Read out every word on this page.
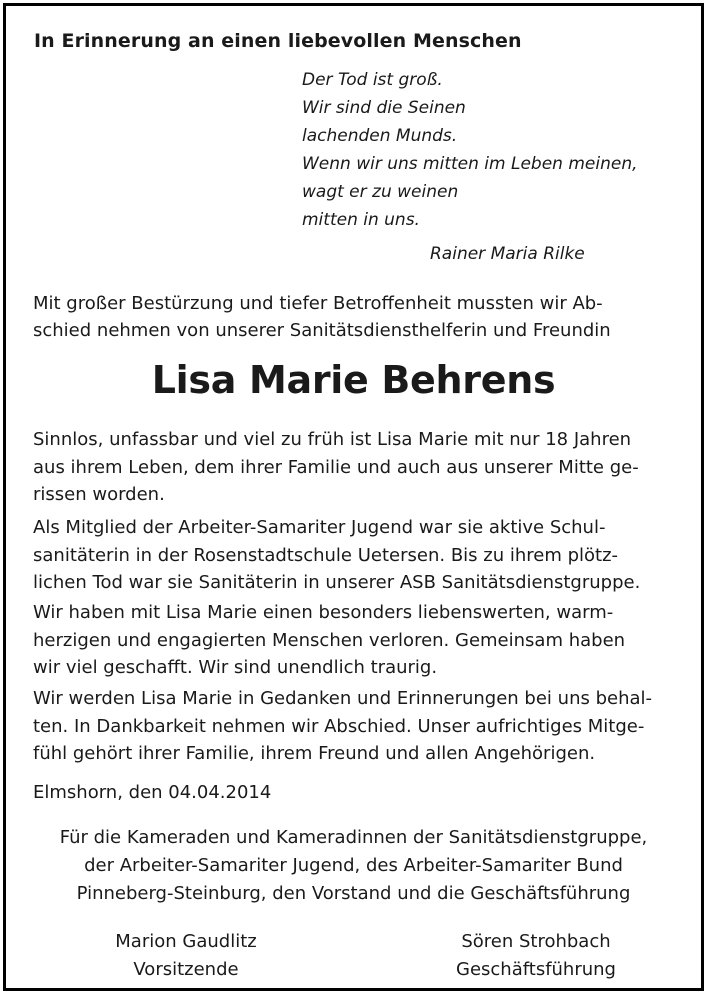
In Erinnerung an einen liebevollen Menschen
Der Tod ist groß.
Wir sind die Seinen
lachenden Munds.
Wenn wir uns mitten im Leben meinen,
wagt er zu weinen
mitten in uns.
Rainer Maria Rilke
Mit großer Bestürzung und tiefer Betroffenheit mussten wir Ab-
schied nehmen von unserer Sanitätsdiensthelferin und Freundin
Lisa Marie Behrens
Sinnlos, unfassbar und viel zu früh ist Lisa Marie mit nur 18 Jahren
aus ihrem Leben, dem ihrer Familie und auch aus unserer Mitte ge-
rissen worden.
Als Mitglied der Arbeiter-Samariter Jugend war sie aktive Schul-
sanitäterin in der Rosenstadtschule Uetersen. Bis zu ihrem plötz-
lichen Tod war sie Sanitäterin in unserer ASB Sanitätsdienstgruppe.
Wir haben mit Lisa Marie einen besonders liebenswerten, warm-
herzigen und engagierten Menschen verloren. Gemeinsam haben
wir viel geschafft. Wir sind unendlich traurig.
Wir werden Lisa Marie in Gedanken und Erinnerungen bei uns behal-
ten. In Dankbarkeit nehmen wir Abschied. Unser aufrichtiges Mitge-
fühl gehört ihrer Familie, ihrem Freund und allen Angehörigen.
Elmshorn, den 04.04.2014
Für die Kameraden und Kameradinnen der Sanitätsdienstgruppe,
der Arbeiter-Samariter Jugend, des Arbeiter-Samariter Bund
Pinneberg-Steinburg, den Vorstand und die Geschäftsführung
Marion Gaudlitz
Vorsitzende
Sören Strohbach
Geschäftsführung
